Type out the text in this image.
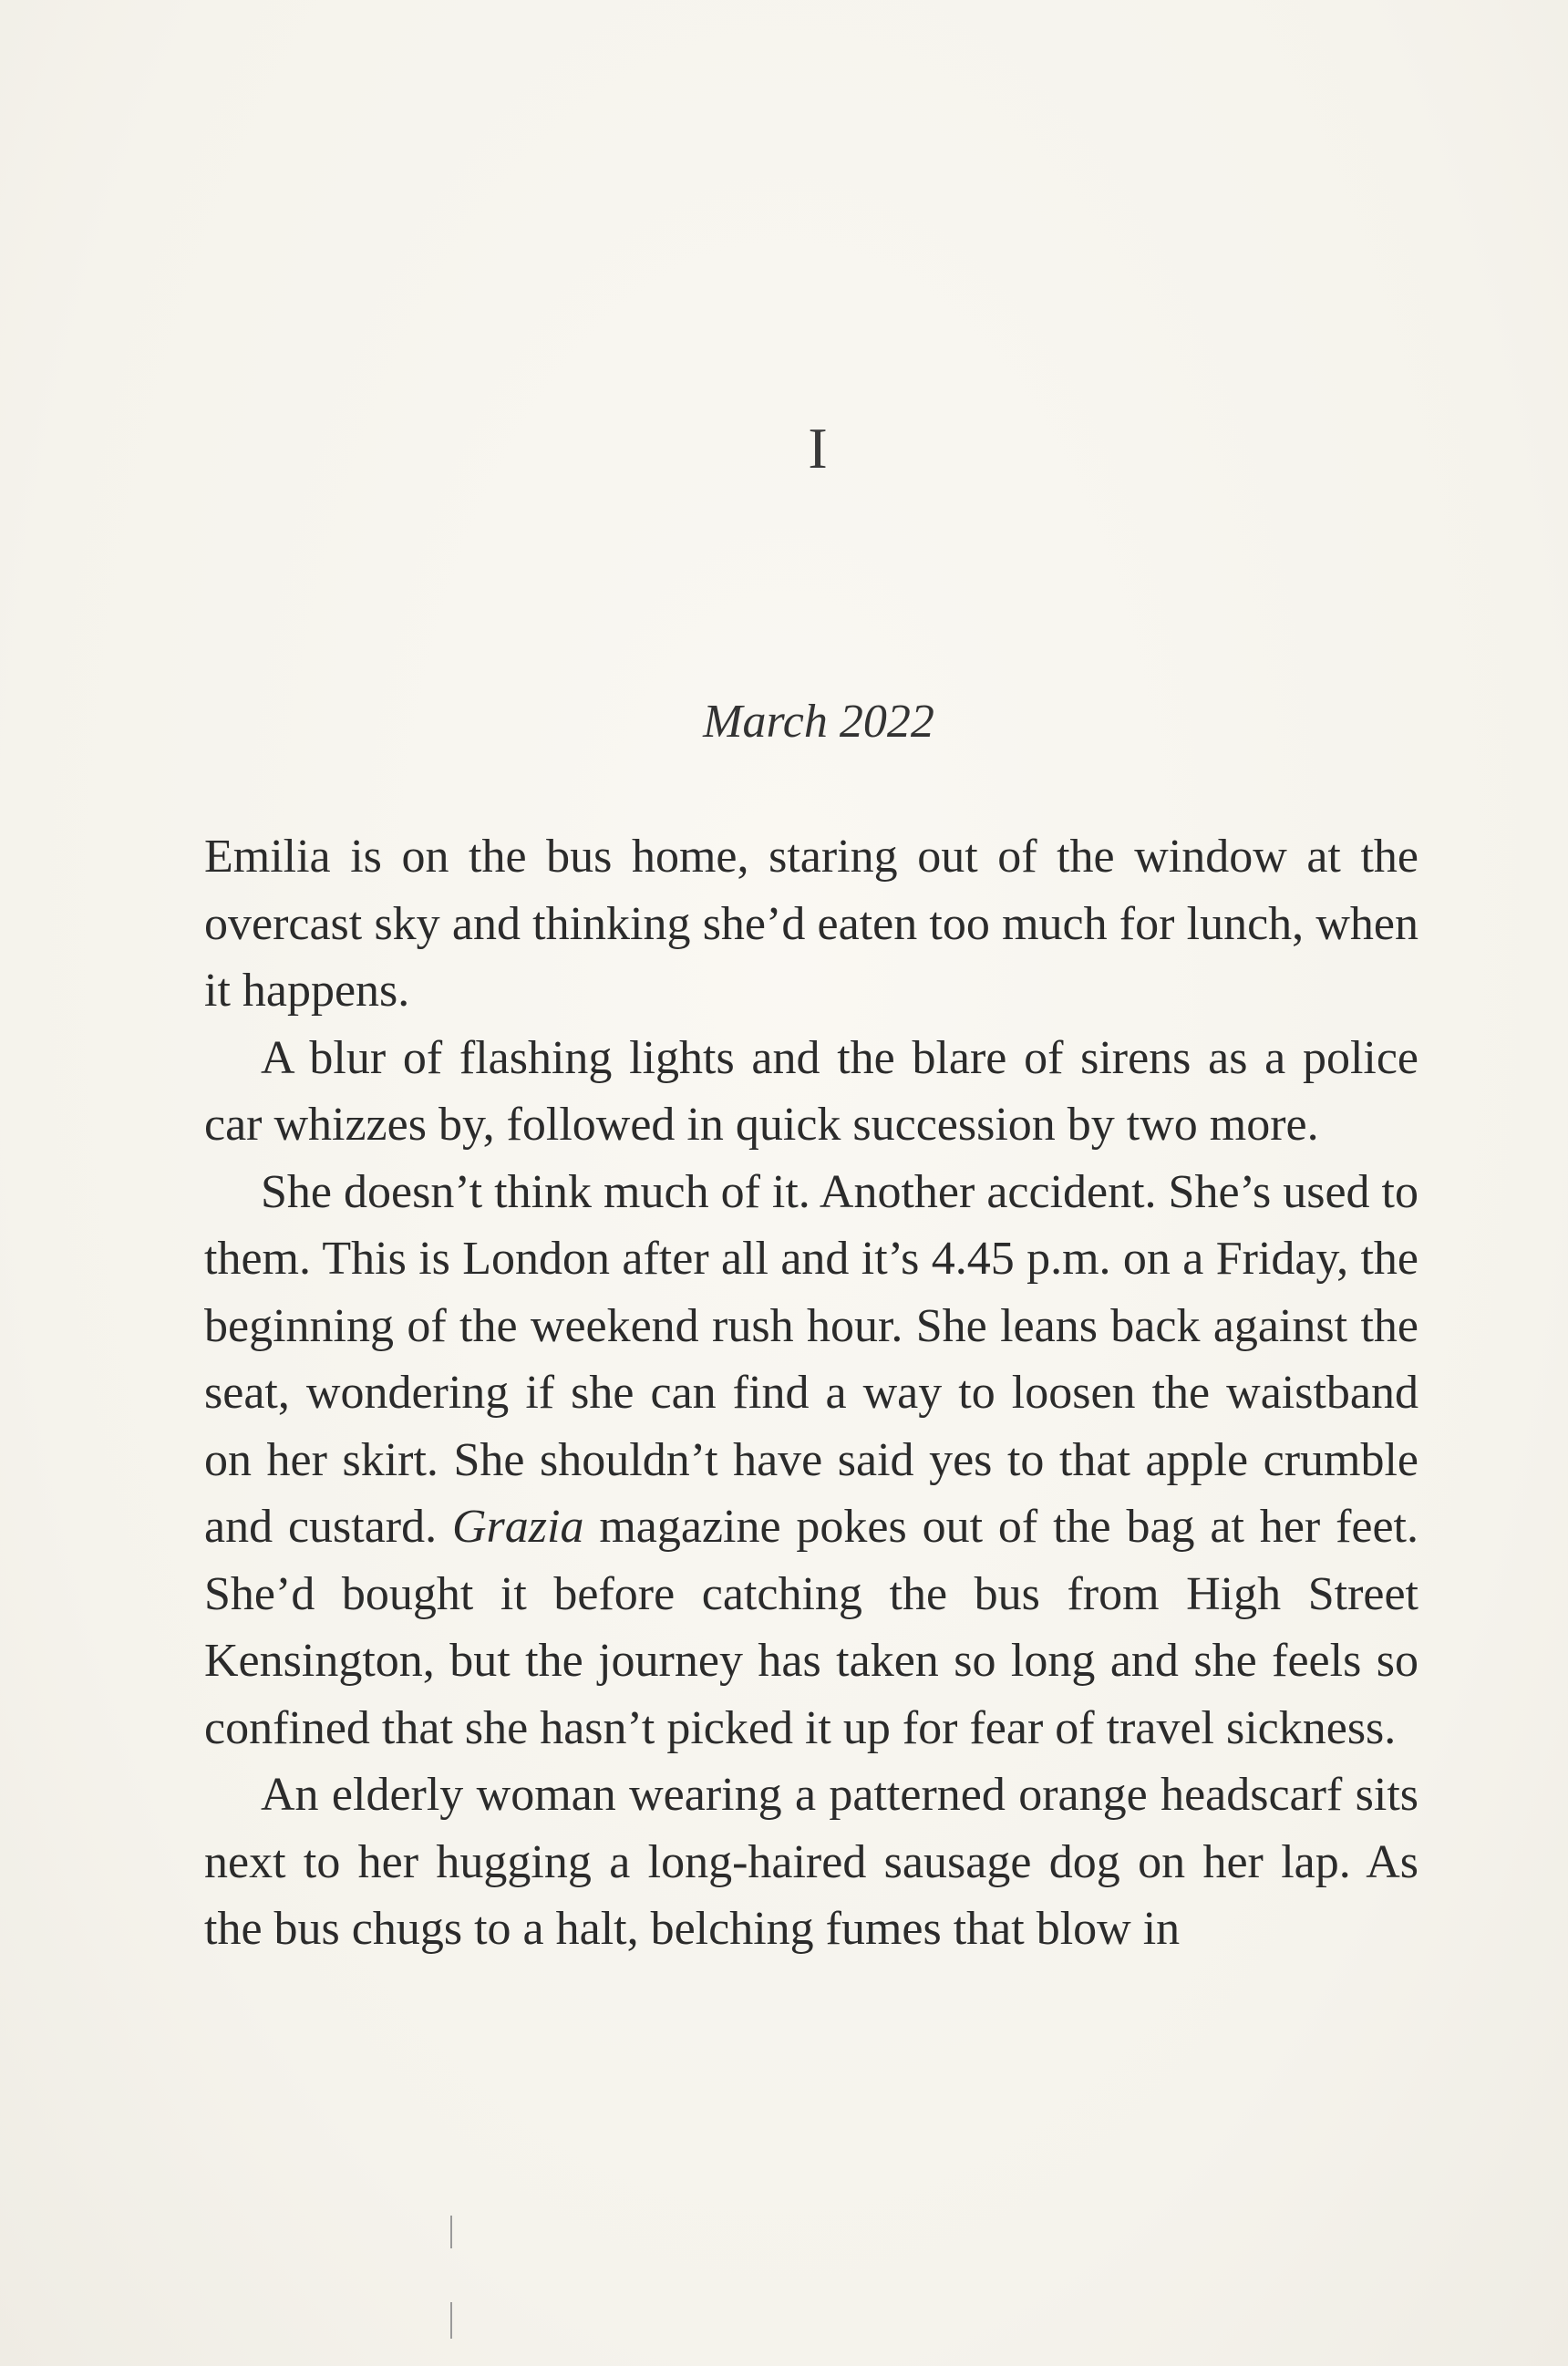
I
March 2022

Emilia is on the bus home, staring out of the window at the overcast sky and thinking she’d eaten too much for lunch, when it happens.

A blur of flashing lights and the blare of sirens as a police car whizzes by, followed in quick succession by two more.

She doesn’t think much of it. Another accident. She’s used to them. This is London after all and it’s 4.45 p.m. on a Friday, the beginning of the weekend rush hour. She leans back against the seat, wondering if she can find a way to loosen the waistband on her skirt. She shouldn’t have said yes to that apple crumble and custard. Grazia magazine pokes out of the bag at her feet. She’d bought it before catching the bus from High Street Kensington, but the journey has taken so long and she feels so confined that she hasn’t picked it up for fear of travel sickness.

An elderly woman wearing a patterned orange headscarf sits next to her hugging a long-haired sausage dog on her lap. As the bus chugs to a halt, belching fumes that blow in
